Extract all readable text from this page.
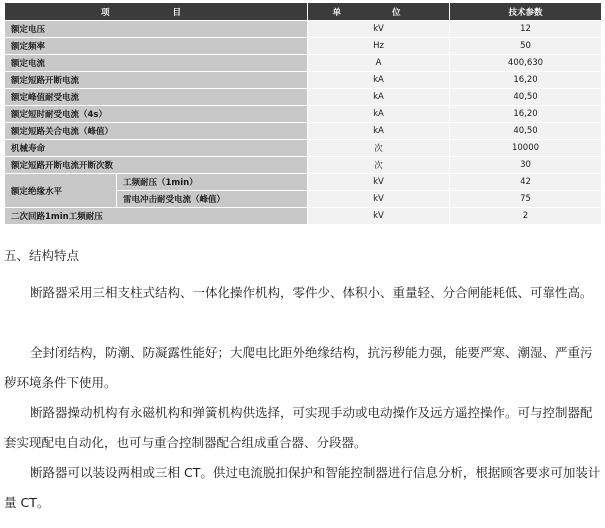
项 目		单 位	技术参数
额定电压		kV	12
额定频率		Hz	50
额定电流		A	400,630
额定短路开断电流		kA	16,20
额定峰值耐受电流		kA	40,50
额定短时耐受电流（4s）		kA	16,20
额定短路关合电流（峰值）		kA	40,50
机械寿命		次	10000
额定短路开断电流开断次数		次	30
额定绝缘水平	工频耐压（1min）	kV	42
	雷电冲击耐受电流（峰值）	kV	75
二次回路1min工频耐压		kV	2
五、结构特点
断路器采用三相支柱式结构、一体化操作机构，零件少、体积小、重量轻、分合闸能耗低、可靠性高。
全封闭结构，防潮、防凝露性能好；大爬电比距外绝缘结构，抗污秽能力强，能要严寒、潮湿、严重污秽环境条件下使用。
断路器操动机构有永磁机构和弹簧机构供选择，可实现手动或电动操作及远方遥控操作。可与控制器配套实现配电自动化，也可与重合控制器配合组成重合器、分段器。
断路器可以装设两相或三相 CT。供过电流脱扣保护和智能控制器进行信息分析，根据顾客要求可加装计量 CT。
